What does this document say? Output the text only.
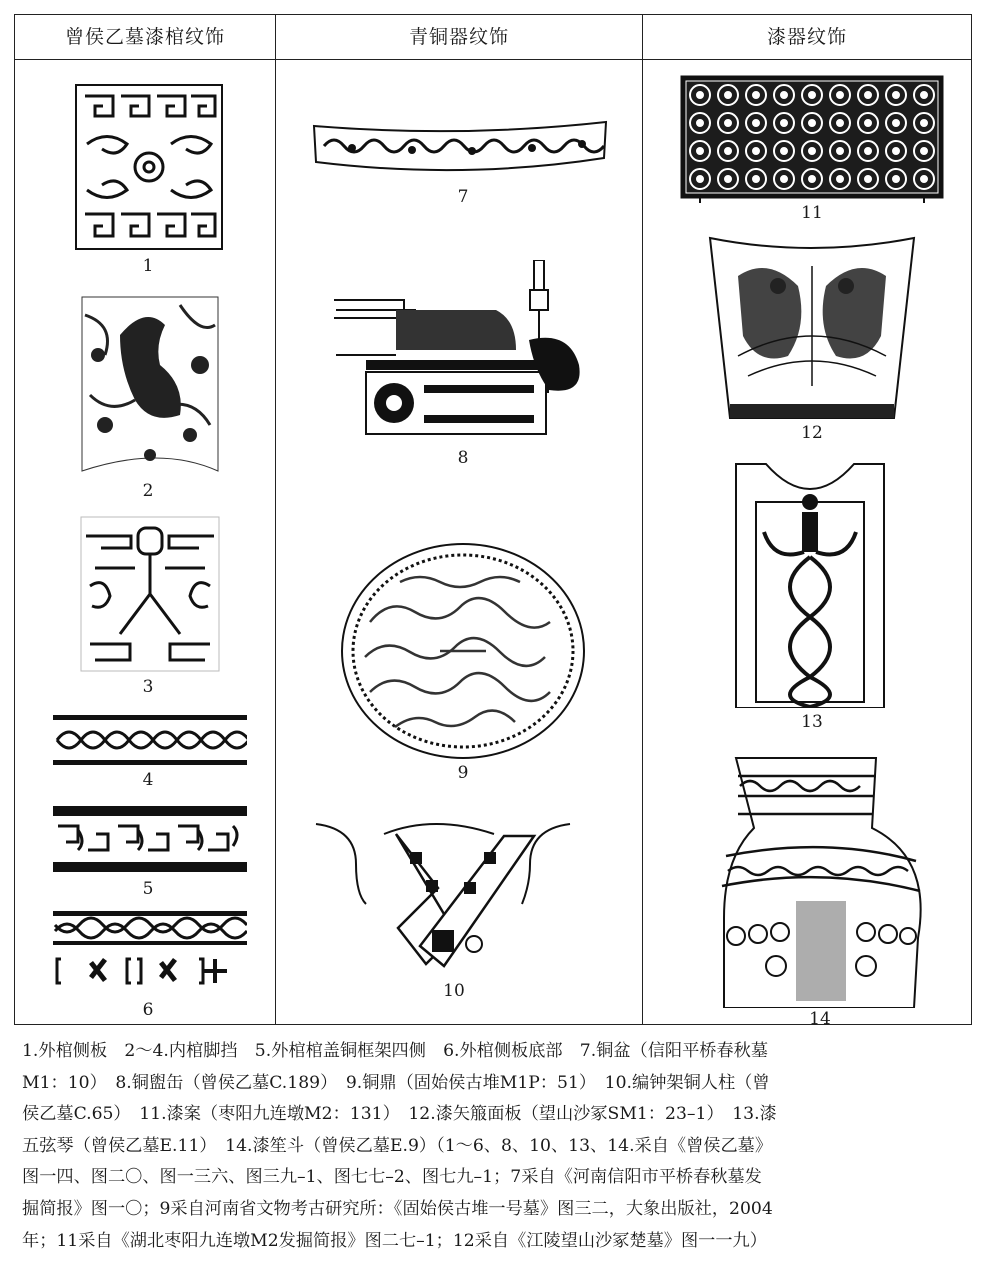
曾侯乙墓漆棺纹饰	青铜器纹饰	漆器纹饰
1
2
3
4
5
6
7
8
9
10
11
12
13
14
1.外棺侧板　2～4.内棺脚挡　5.外棺棺盖铜框架四侧　6.外棺侧板底部　7.铜盆（信阳平桥春秋墓
M1：10）　8.铜盥缶（曾侯乙墓C.189）　9.铜鼎（固始侯古堆M1P：51）　10.编钟架铜人柱（曾
侯乙墓C.65）　11.漆案（枣阳九连墩M2：131）　12.漆矢箙面板（望山沙冢SM1：23–1）　13.漆
五弦琴（曾侯乙墓E.11）　14.漆笙斗（曾侯乙墓E.9）（1～6、8、10、13、14.采自《曾侯乙墓》
图一四、图二〇、图一三六、图三九–1、图七七–2、图七九–1；7采自《河南信阳市平桥春秋墓发
掘简报》图一〇；9采自河南省文物考古研究所：《固始侯古堆一号墓》图三二，大象出版社，2004
年；11采自《湖北枣阳九连墩M2发掘简报》图二七–1；12采自《江陵望山沙冢楚墓》图一一九）
